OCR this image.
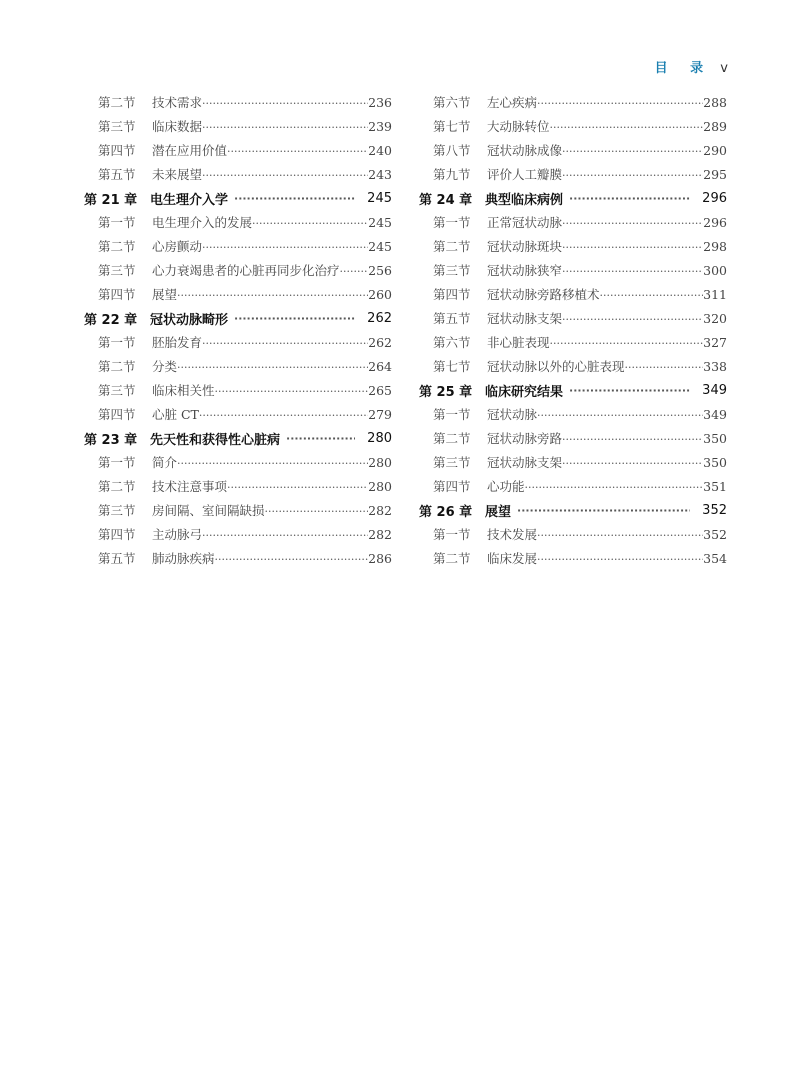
目 录 v
第二节	技术需求 ·····	236
第三节	临床数据 ·····	239
第四节	潜在应用价值 ·····	240
第五节	未来展望 ·····	243
第 21 章 电生理介入学 ·····	245
第一节	电生理介入的发展 ·····	245
第二节	心房颤动 ·····	245
第三节	心力衰竭患者的心脏再同步化治疗 ····· 256
第四节	展望 ·····	260
第 22 章 冠状动脉畸形 ·····	262
第一节	胚胎发育 ·····	262
第二节	分类 ·····	264
第三节	临床相关性 ·····	265
第四节	心脏 CT ·····	279
第 23 章 先天性和获得性心脏病 ·····	280
第一节	简介 ·····	280
第二节	技术注意事项 ·····	280
第三节	房间隔、室间隔缺损 ·····	282
第四节	主动脉弓 ·····	282
第五节	肺动脉疾病 ·····	286
第六节	左心疾病 ·····	288
第七节	大动脉转位 ·····	289
第八节	冠状动脉成像 ·····	290
第九节	评价人工瓣膜 ·····	295
第 24 章 典型临床病例 ·····	296
第一节	正常冠状动脉 ·····	296
第二节	冠状动脉斑块 ·····	298
第三节	冠状动脉狭窄 ·····	300
第四节	冠状动脉旁路移植术 ·····	311
第五节	冠状动脉支架 ·····	320
第六节	非心脏表现 ·····	327
第七节	冠状动脉以外的心脏表现 ·····	338
第 25 章 临床研究结果 ·····	349
第一节	冠状动脉 ·····	349
第二节	冠状动脉旁路 ·····	350
第三节	冠状动脉支架 ·····	350
第四节	心功能 ·····	351
第 26 章 展望 ·····	352
第一节	技术发展 ·····	352
第二节	临床发展 ·····	354
